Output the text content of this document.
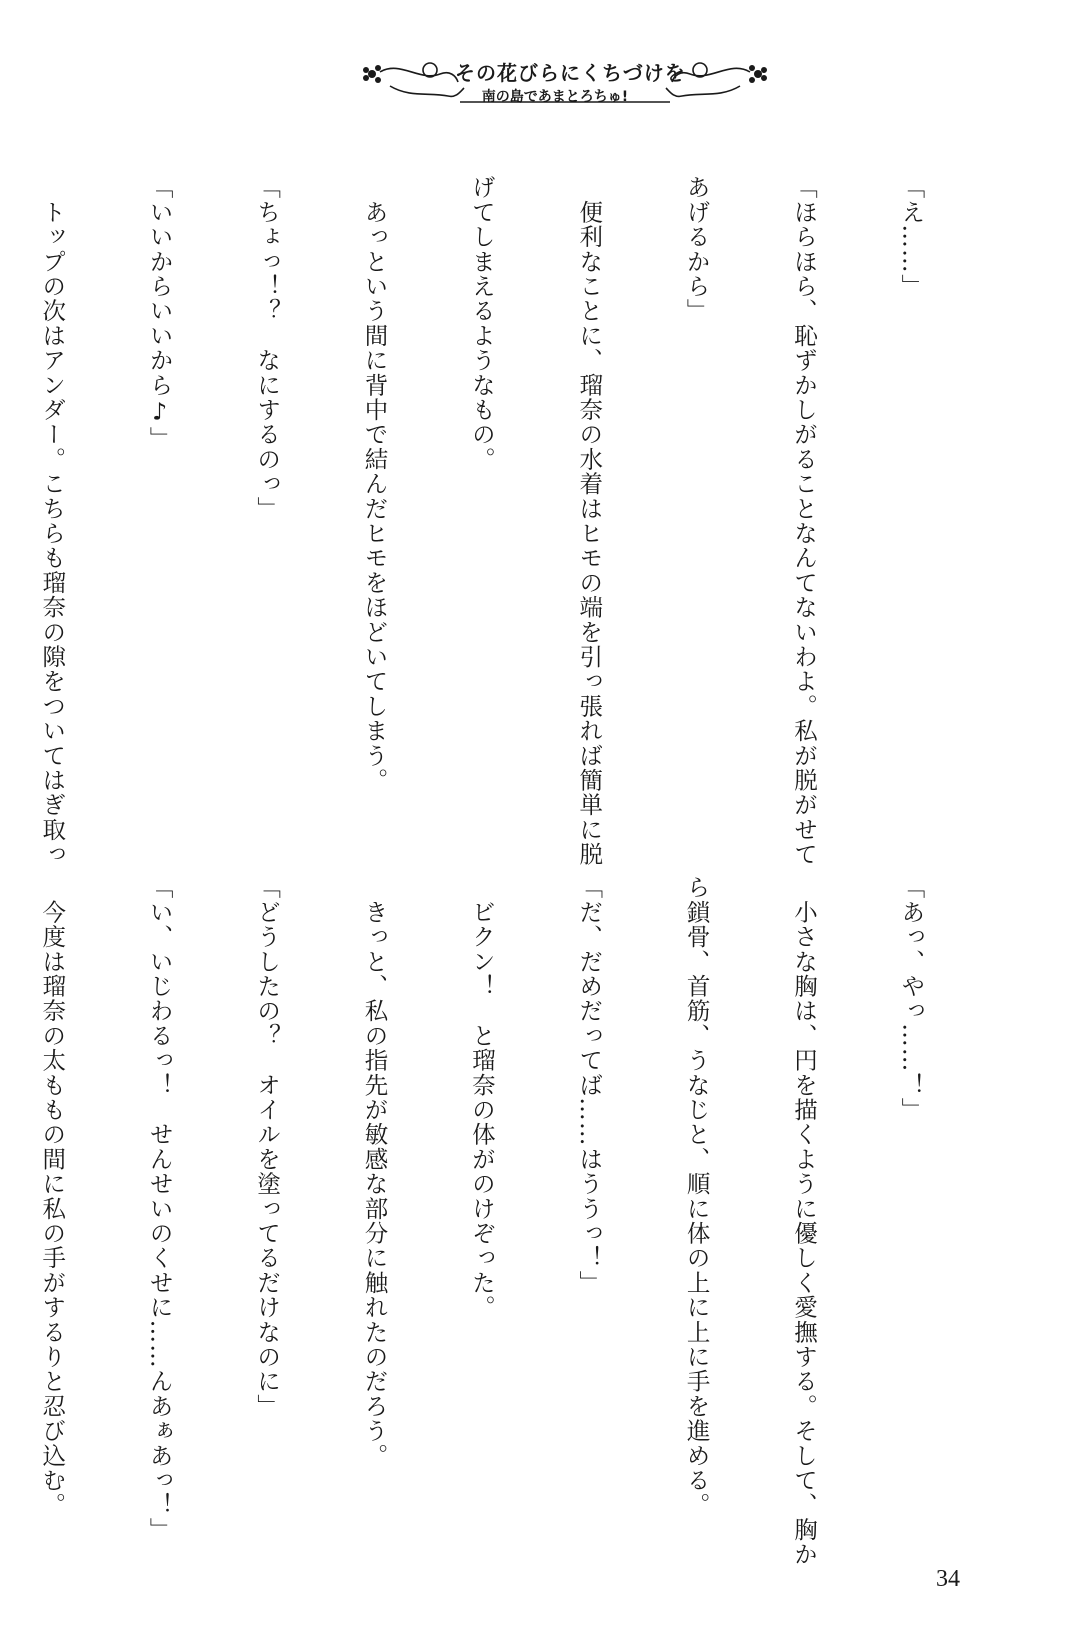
その花びらにくちづけを
南の島であまとろちゅ!

「え……」

「ほらほら、恥ずかしがることなんてないわよ。私が脱がせて

あげるから」

　便利なことに、瑠奈の水着はヒモの端を引っ張れば簡単に脱

げてしまえるようなもの。

　あっという間に背中で結んだヒモをほどいてしまう。

「ちょっ！？　なにするのっ」

「いいからいいから♪」

　トップの次はアンダー。こちらも瑠奈の隙をついてはぎ取っ

「あっ、やっ……！」

　小さな胸は、円を描くように優しく愛撫する。そして、胸か

ら鎖骨、首筋、うなじと、順に体の上に上に手を進める。

「だ、だめだってば……はううっ！」

　ビクン！　と瑠奈の体がのけぞった。

　きっと、私の指先が敏感な部分に触れたのだろう。

「どうしたの？　オイルを塗ってるだけなのに」

「い、いじわるっ！　せんせいのくせに……んあぁあっ！」

　今度は瑠奈の太ももの間に私の手がするりと忍び込む。

34
